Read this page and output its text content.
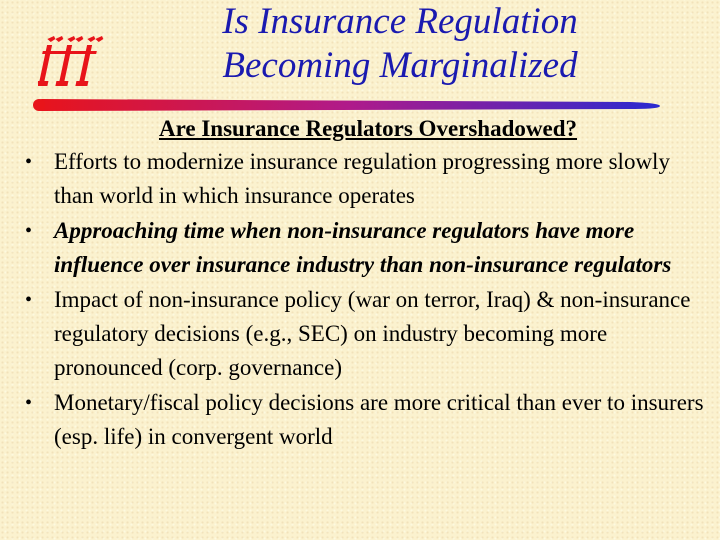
Is Insurance Regulation
Becoming Marginalized
Are Insurance Regulators Overshadowed?
• Efforts to modernize insurance regulation progressing more slowly than world in which insurance operates
• Approaching time when non-insurance regulators have more influence over insurance industry than non-insurance regulators
• Impact of non-insurance policy (war on terror, Iraq) & non-insurance regulatory decisions (e.g., SEC) on industry becoming more pronounced (corp. governance)
• Monetary/fiscal policy decisions are more critical than ever to insurers (esp. life) in convergent world
